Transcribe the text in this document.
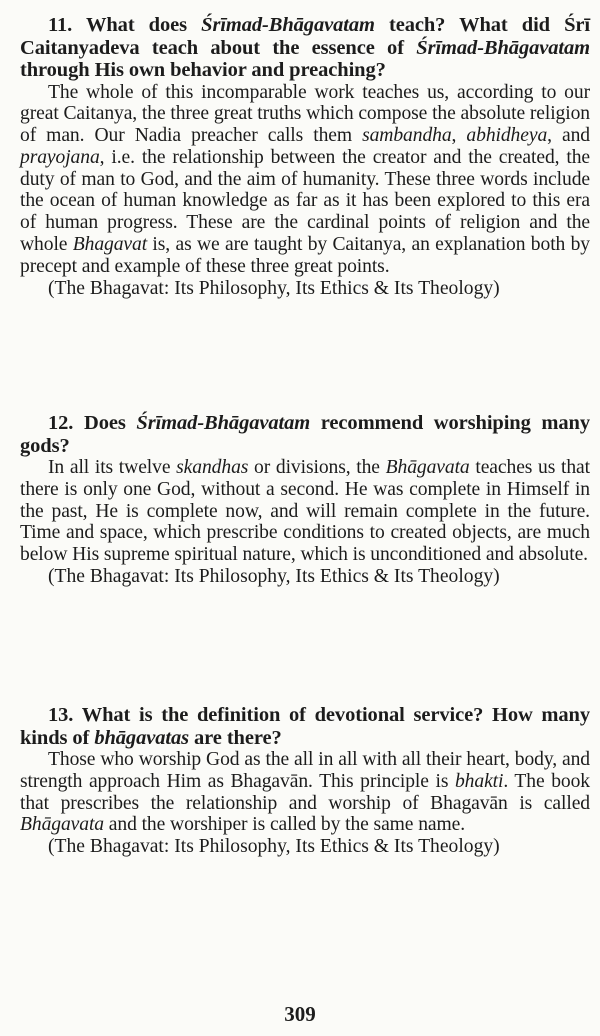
11. What does Śrīmad-Bhāgavatam teach? What did Śrī Caitanyadeva teach about the essence of Śrīmad-Bhāgavatam through His own behavior and preaching?

The whole of this incomparable work teaches us, according to our great Caitanya, the three great truths which compose the absolute religion of man. Our Nadia preacher calls them sambandha, abhidheya, and prayojana, i.e. the relationship between the creator and the created, the duty of man to God, and the aim of humanity. These three words include the ocean of human knowledge as far as it has been explored to this era of human progress. These are the cardinal points of religion and the whole Bhagavat is, as we are taught by Caitanya, an explanation both by precept and example of these three great points.

(The Bhagavat: Its Philosophy, Its Ethics & Its Theology)

12. Does Śrīmad-Bhāgavatam recommend worshiping many gods?

In all its twelve skandhas or divisions, the Bhāgavata teaches us that there is only one God, without a second. He was complete in Himself in the past, He is complete now, and will remain complete in the future. Time and space, which prescribe conditions to created objects, are much below His supreme spiritual nature, which is unconditioned and absolute.

(The Bhagavat: Its Philosophy, Its Ethics & Its Theology)

13. What is the definition of devotional service? How many kinds of bhāgavatas are there?

Those who worship God as the all in all with all their heart, body, and strength approach Him as Bhagavān. This principle is bhakti. The book that prescribes the relationship and worship of Bhagavān is called Bhāgavata and the worshiper is called by the same name.

(The Bhagavat: Its Philosophy, Its Ethics & Its Theology)

309
